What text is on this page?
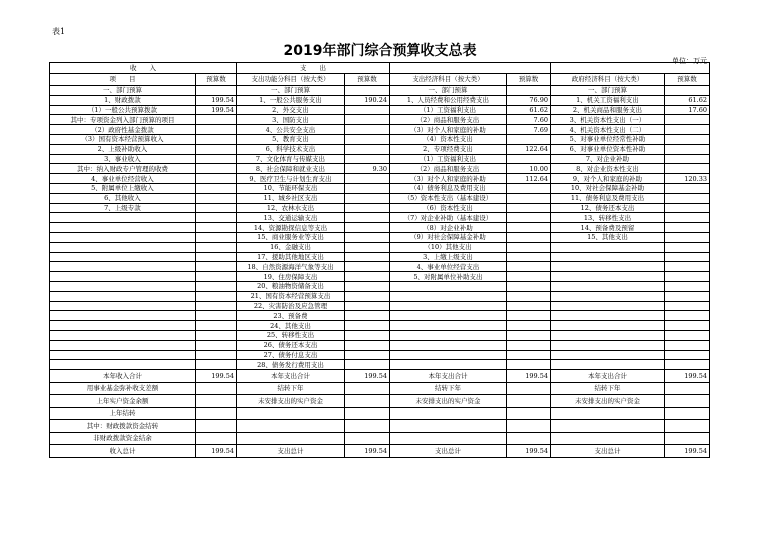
表1
2019年部门综合预算收支总表
单位：万元
收　　入		支　　出					
项　　目	预算数	支出功能分科目（按大类）	预算数	支出经济科目（按大类）	预算数	政府经济科目（按大类）	预算数
一、部门预算		一、部门预算		一、部门预算		一、部门预算	
1、财政拨款	199.54	1、一般公共服务支出	190.24	1、人员经费和公用经费支出	76.90	1、机关工资福利支出	61.62
（1）一般公共预算拨款	199.54	2、外交支出		（1）工资福利支出	61.62	2、机关商品和服务支出	17.60
其中：专项资金列入部门预算的项目		3、国防支出		（2）商品和服务支出	7.60	3、机关资本性支出（一）	
（2）政府性基金拨款		4、公共安全支出		（3）对个人和家庭的补助	7.69	4、机关资本性支出（二）	
（3）国有资本经营预算收入		5、教育支出		（4）资本性支出		5、对事业单位经常性补助	
2、上级补助收入		6、科学技术支出		2、专项经费支出	122.64	6、对事业单位资本性补助	
3、事业收入		7、文化体育与传媒支出		（1）工资福利支出		7、对企业补助	
其中：纳入财政专户管理的收费		8、社会保障和就业支出	9.30	（2）商品和服务支出	10.00	8、对企业资本性支出	
4、事业单位经营收入		9、医疗卫生与计划生育支出		（3）对个人和家庭的补助	112.64	9、对个人和家庭的补助	120.33
5、附属单位上缴收入		10、节能环保支出		（4）债务利息及费用支出		10、对社会保障基金补助	
6、其他收入		11、城乡社区支出		（5）资本性支出（基本建设）		11、债务利息及费用支出	
7、上级专款		12、农林水支出		（6）资本性支出		12、债务还本支出	
		13、交通运输支出		（7）对企业补助（基本建设）		13、转移性支出	
		14、资源勘探信息等支出		（8）对企业补助		14、预备费及预留	
		15、商业服务业等支出		（9）对社会保障基金补助		15、其他支出	
		16、金融支出		（10）其他支出			
		17、援助其他地区支出		3、上缴上级支出			
		18、自然资源海洋气象等支出		4、事业单位经营支出			
		19、住房保障支出		5、对附属单位补助支出			
		20、粮油物资储备支出					
		21、国有资本经营预算支出					
		22、灾害防治及应急管理					
		23、预备费					
		24、其他支出					
		25、转移性支出					
		26、债务还本支出					
		27、债务付息支出					
		28、债务发行费用支出					
本年收入合计	199.54	本年支出合计	199.54	本年支出合计	199.54	本年支出合计	199.54
用事业基金弥补收支差额		结转下年		结转下年		结转下年	
上年实户资金余额		未安排支出的实户资金		未安排支出的实户资金		未安排支出的实户资金	
上年结转							
其中：财政拨款资金结转							
非财政拨款资金结余							
收入总计	199.54	支出总计	199.54	支出总计	199.54	支出总计	199.54
